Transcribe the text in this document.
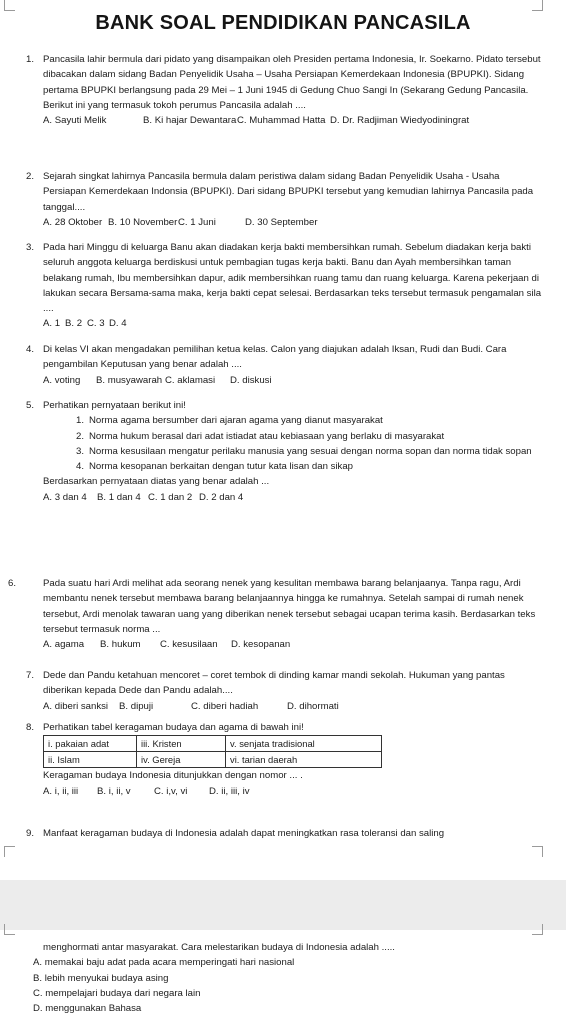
BANK SOAL PENDIDIKAN PANCASILA
1. Pancasila lahir bermula dari pidato yang disampaikan oleh Presiden pertama Indonesia, Ir. Soekarno. Pidato tersebut dibacakan dalam sidang Badan Penyelidik Usaha – Usaha Persiapan Kemerdekaan Indonesia (BPUPKI). Sidang pertama BPUPKI berlangsung pada 29 Mei – 1 Juni 1945 di Gedung Chuo Sangi In (Sekarang Gedung Pancasila. Berikut ini yang termasuk tokoh perumus Pancasila adalah ....
A. Sayuti Melik	B. Ki hajar Dewantara C. Muhammad Hatta D. Dr. Radjiman Wiedyodiningrat
2. Sejarah singkat lahirnya Pancasila bermula dalam peristiwa dalam sidang Badan Penyelidik Usaha - Usaha Persiapan Kemerdekaan Indonsia (BPUPKI). Dari sidang BPUPKI tersebut yang kemudian lahirnya Pancasila pada tanggal....
A. 28 Oktober B. 10 November C. 1 Juni	D. 30 September
3. Pada hari Minggu di keluarga Banu akan diadakan kerja bakti membersihkan rumah. Sebelum diadakan kerja bakti seluruh anggota keluarga berdiskusi untuk pembagian tugas kerja bakti. Banu dan Ayah membersihkan taman belakang rumah, Ibu membersihkan dapur, adik membersihkan ruang tamu dan ruang keluarga. Karena pekerjaan di lakukan secara Bersama-sama maka, kerja bakti cepat selesai. Berdasarkan teks tersebut termasuk pengamalan sila ....
A. 1 B. 2 C. 3 D. 4
4. Di kelas VI akan mengadakan pemilihan ketua kelas. Calon yang diajukan adalah Iksan, Rudi dan Budi. Cara pengambilan Keputusan yang benar adalah ....
A. voting	B. musyawarah C. aklamasi	D. diskusi
5. Perhatikan pernyataan berikut ini!
1. Norma agama bersumber dari ajaran agama yang dianut masyarakat
2. Norma hukum berasal dari adat istiadat atau kebiasaan yang berlaku di masyarakat
3. Norma kesusilaan mengatur perilaku manusia yang sesuai dengan norma sopan dan norma tidak sopan
4. Norma kesopanan berkaitan dengan tutur kata lisan dan sikap
Berdasarkan pernyataan diatas yang benar adalah ...
A. 3 dan 4	B. 1 dan 4 C. 1 dan 2 D. 2 dan 4
6.	Pada suatu hari Ardi melihat ada seorang nenek yang kesulitan membawa barang belanjaanya. Tanpa ragu, Ardi membantu nenek tersebut membawa barang belanjaannya hingga ke rumahnya. Setelah sampai di rumah nenek tersebut, Ardi menolak tawaran uang yang diberikan nenek tersebut sebagai ucapan terima kasih. Berdasarkan teks tersebut termasuk norma ...
A. agama	B. hukum	C. kesusilaan	D. kesopanan
7. Dede dan Pandu ketahuan mencoret – coret tembok di dinding kamar mandi sekolah. Hukuman yang pantas diberikan kepada Dede dan Pandu adalah....
A. diberi sanksi	B. dipuji	C. diberi hadiah	D. dihormati
8. Perhatikan tabel keragaman budaya dan agama di bawah ini!
i. pakaian adat	iii. Kristen	v. senjata tradisional
ii. Islam	iv. Gereja	vi. tarian daerah
Keragaman budaya Indonesia ditunjukkan dengan nomor ... .
A. i, ii, iii	B. i, ii, v	C. i,v, vi	D. ii, iii, iv
9. Manfaat keragaman budaya di Indonesia adalah dapat meningkatkan rasa toleransi dan saling
menghormati antar masyarakat. Cara melestarikan budaya di Indonesia adalah .....
A. memakai baju adat pada acara memperingati hari nasional
B. lebih menyukai budaya asing
C. mempelajari budaya dari negara lain
D. menggunakan Bahasa
